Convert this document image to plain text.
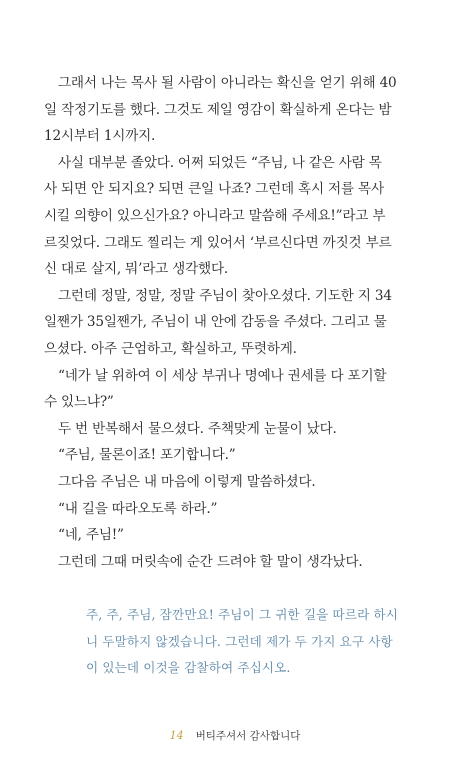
그래서 나는 목사 될 사람이 아니라는 확신을 얻기 위해 40
일 작정기도를 했다. 그것도 제일 영감이 확실하게 온다는 밤
12시부터 1시까지.
사실 대부분 졸았다. 어쩌 되었든 “주님, 나 같은 사람 목
사 되면 안 되지요? 되면 큰일 나죠? 그런데 혹시 저를 목사
시킬 의향이 있으신가요? 아니라고 말씀해 주세요!”라고 부
르짖었다. 그래도 찔리는 게 있어서 ‘부르신다면 까짓것 부르
신 대로 살지, 뭐’라고 생각했다.
그런데 정말, 정말, 정말 주님이 찾아오셨다. 기도한 지 34
일짼가 35일짼가, 주님이 내 안에 감동을 주셨다. 그리고 물
으셨다. 아주 근엄하고, 확실하고, 뚜렷하게.
“네가 날 위하여 이 세상 부귀나 명예나 권세를 다 포기할
수 있느냐?”
두 번 반복해서 물으셨다. 주책맞게 눈물이 났다.
“주님, 물론이죠! 포기합니다.”
그다음 주님은 내 마음에 이렇게 말씀하셨다.
“내 길을 따라오도록 하라.”
“네, 주님!”
그런데 그때 머릿속에 순간 드려야 할 말이 생각났다.
주, 주, 주님, 잠깐만요! 주님이 그 귀한 길을 따르라 하시
니 두말하지 않겠습니다. 그런데 제가 두 가지 요구 사항
이 있는데 이것을 감찰하여 주십시오.
14 버티주셔서 감사합니다
